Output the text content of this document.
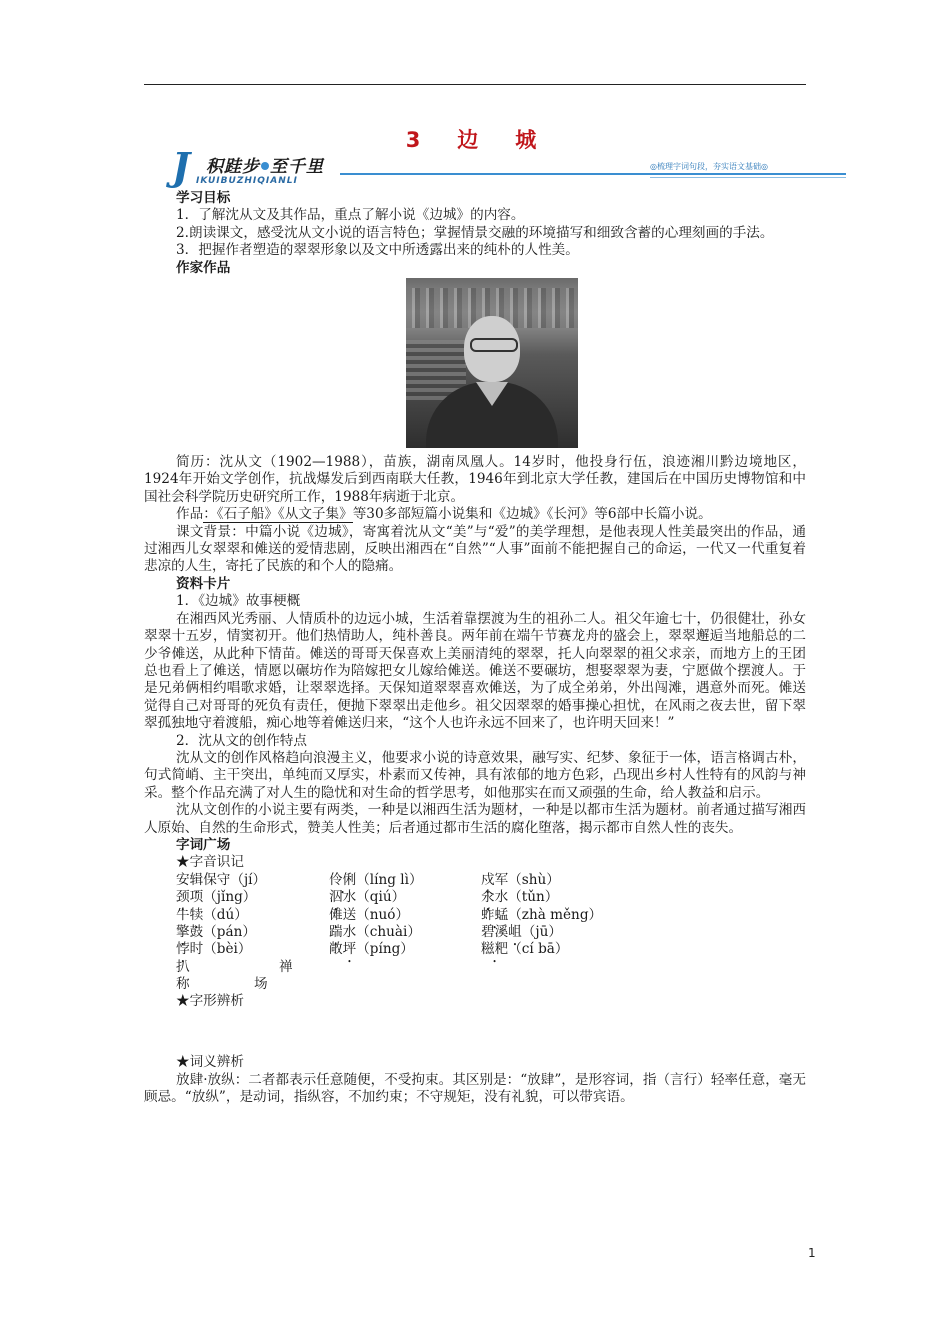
3　边　城
J 积跬步 至千里
IKUIBUZHIQIANLI
◎梳理字词句段，夯实语文基础◎

学习目标

1．了解沈从文及其作品，重点了解小说《边城》的内容。

2.朗读课文，感受沈从文小说的语言特色；掌握情景交融的环境描写和细致含蓄的心理刻画的手法。

3．把握作者塑造的翠翠形象以及文中所透露出来的纯朴的人性美。

作家作品

简历：沈从文（1902—1988），苗族，湖南凤凰人。14岁时，他投身行伍，浪迹湘川黔边境地区，1924年开始文学创作，抗战爆发后到西南联大任教，1946年到北京大学任教，建国后在中国历史博物馆和中国社会科学院历史研究所工作，1988年病逝于北京。

作品：《石子船》《从文子集》等30多部短篇小说集和《边城》《长河》等6部中长篇小说。

课文背景：中篇小说《边城》，寄寓着沈从文“美”与“爱”的美学理想，是他表现人性美最突出的作品，通过湘西儿女翠翠和傩送的爱情悲剧，反映出湘西在“自然”“人事”面前不能把握自己的命运，一代又一代重复着悲凉的人生，寄托了民族的和个人的隐痛。

资料卡片

1．《边城》故事梗概

在湘西风光秀丽、人情质朴的边远小城，生活着靠摆渡为生的祖孙二人。祖父年逾七十，仍很健壮，孙女翠翠十五岁，情窦初开。他们热情助人，纯朴善良。两年前在端午节赛龙舟的盛会上，翠翠邂逅当地船总的二少爷傩送，从此种下情苗。傩送的哥哥天保喜欢上美丽清纯的翠翠，托人向翠翠的祖父求亲，而地方上的王团总也看上了傩送，情愿以碾坊作为陪嫁把女儿嫁给傩送。傩送不要碾坊，想娶翠翠为妻，宁愿做个摆渡人。于是兄弟俩相约唱歌求婚，让翠翠选择。天保知道翠翠喜欢傩送，为了成全弟弟，外出闯滩，遇意外而死。傩送觉得自己对哥哥的死负有责任，便抛下翠翠出走他乡。祖父因翠翠的婚事操心担忧，在风雨之夜去世，留下翠翠孤独地守着渡船，痴心地等着傩送归来，“这个人也许永远不回来了，也许明天回来！”

2．沈从文的创作特点

沈从文的创作风格趋向浪漫主义，他要求小说的诗意效果，融写实、纪梦、象征于一体，语言格调古朴，句式简峭、主干突出，单纯而又厚实，朴素而又传神，具有浓郁的地方色彩，凸现出乡村人性特有的风韵与神采。整个作品充满了对人生的隐忧和对生命的哲学思考，如他那实在而又顽强的生命，给人教益和启示。

沈从文创作的小说主要有两类，一种是以湘西生活为题材，一种是以都市生活为题材。前者通过描写湘西人原始、自然的生命形式，赞美人性美；后者通过都市生活的腐化堕落，揭示都市自然人性的丧失。

字词广场

★字音识记

安辑保守（jí）	伶俐（líng lì）	戍军（shù）
颈项（jǐng）	泅水（qiú）	氽水（tǔn）
牛犊（dú）	傩送（nuó）	蚱蜢（zhà měng）
擎鼓（pán）	踹水（chuài）	碧溪岨（jū）
悖时（bèi）	敞坪（píng）	糍粑（cí bā）
扒	禅
称	场

★字形辨析

★词义辨析

放肆·放纵：二者都表示任意随便，不受拘束。其区别是：“放肆”，是形容词，指（言行）轻率任意，毫无顾忌。“放纵”，是动词，指纵容，不加约束；不守规矩，没有礼貌，可以带宾语。

1
